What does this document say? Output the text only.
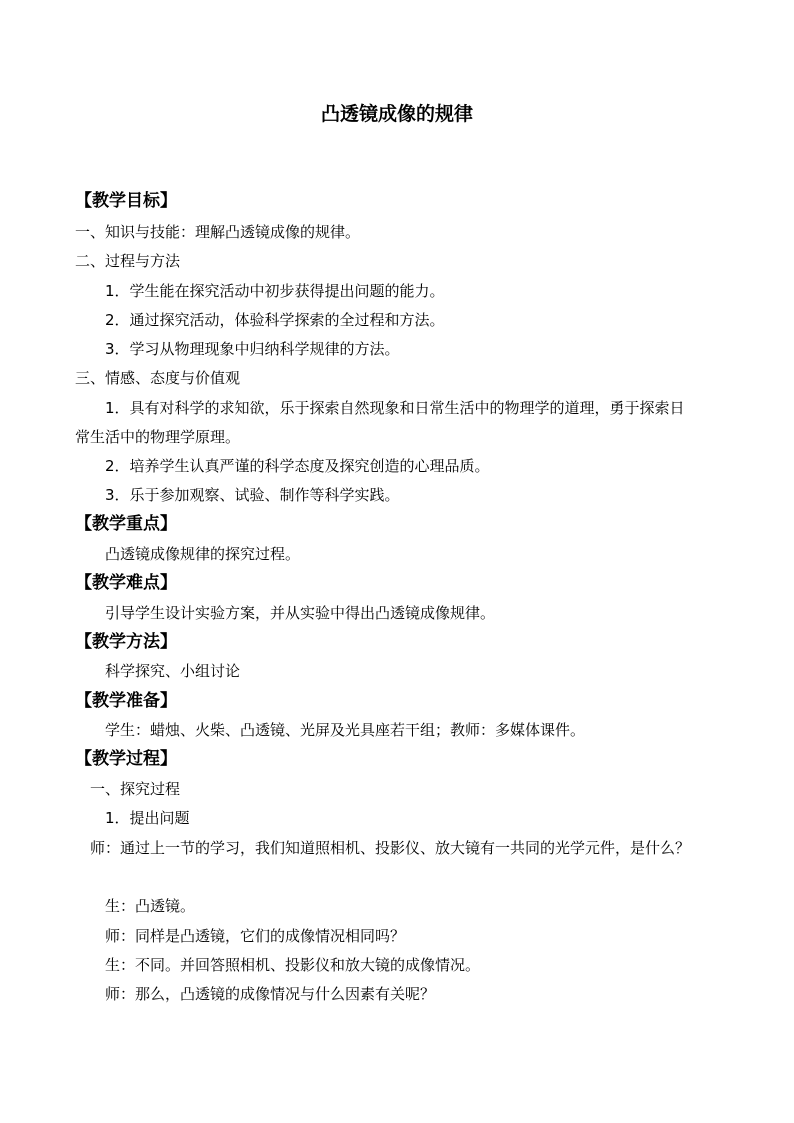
凸透镜成像的规律
【教学目标】
一、知识与技能：理解凸透镜成像的规律。
二、过程与方法
1．学生能在探究活动中初步获得提出问题的能力。
2．通过探究活动，体验科学探索的全过程和方法。
3．学习从物理现象中归纳科学规律的方法。
三、情感、态度与价值观
1．具有对科学的求知欲，乐于探索自然现象和日常生活中的物理学的道理，勇于探索日
常生活中的物理学原理。
2．培养学生认真严谨的科学态度及探究创造的心理品质。
3．乐于参加观察、试验、制作等科学实践。
【教学重点】
凸透镜成像规律的探究过程。
【教学难点】
引导学生设计实验方案，并从实验中得出凸透镜成像规律。
【教学方法】
科学探究、小组讨论
【教学准备】
学生：蜡烛、火柴、凸透镜、光屏及光具座若干组；教师：多媒体课件。
【教学过程】
一、探究过程
1．提出问题
师：通过上一节的学习，我们知道照相机、投影仪、放大镜有一共同的光学元件，是什么？
生：凸透镜。
师：同样是凸透镜，它们的成像情况相同吗？
生：不同。并回答照相机、投影仪和放大镜的成像情况。
师：那么，凸透镜的成像情况与什么因素有关呢？
